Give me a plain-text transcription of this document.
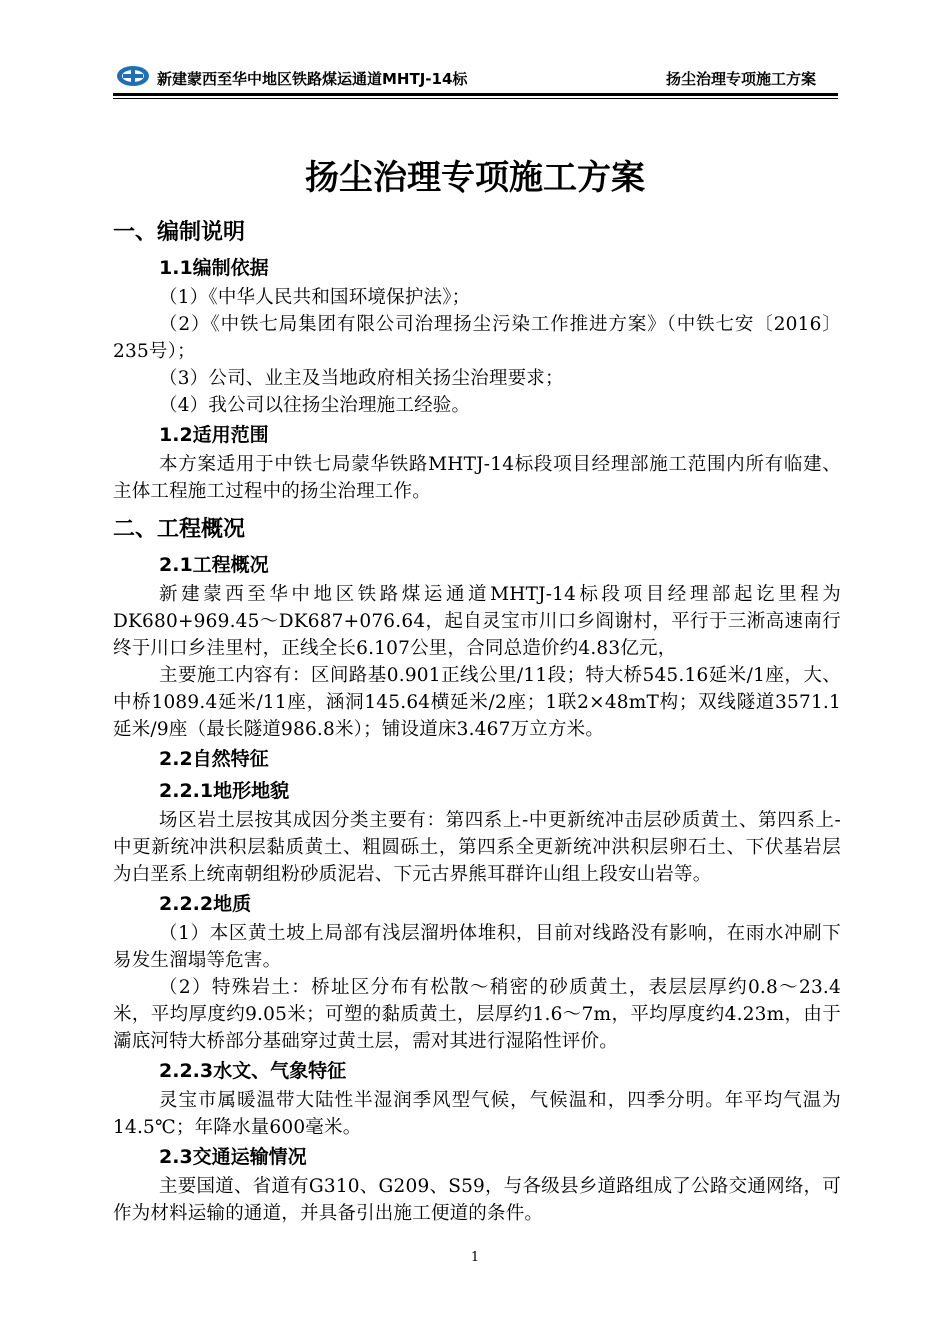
新建蒙西至华中地区铁路煤运通道MHTJ-14标	扬尘治理专项施工方案
扬尘治理专项施工方案
一、编制说明
1.1编制依据

（1）《中华人民共和国环境保护法》；

（2）《中铁七局集团有限公司治理扬尘污染工作推进方案》（中铁七安〔2016〕235号）；

（3）公司、业主及当地政府相关扬尘治理要求；

（4）我公司以往扬尘治理施工经验。

1.2适用范围

本方案适用于中铁七局蒙华铁路MHTJ-14标段项目经理部施工范围内所有临建、主体工程施工过程中的扬尘治理工作。

二、工程概况
2.1工程概况

新建蒙西至华中地区铁路煤运通道MHTJ-14标段项目经理部起讫里程为DK680+969.45～DK687+076.64，起自灵宝市川口乡阎谢村，平行于三淅高速南行终于川口乡洼里村，正线全长6.107公里，合同总造价约4.83亿元，

主要施工内容有：区间路基0.901正线公里/11段；特大桥545.16延米/1座，大、中桥1089.4延米/11座，涵洞145.64横延米/2座；1联2×48mT构；双线隧道3571.1延米/9座（最长隧道986.8米）；铺设道床3.467万立方米。

2.2自然特征
2.2.1地形地貌

场区岩土层按其成因分类主要有：第四系上-中更新统冲击层砂质黄土、第四系上-中更新统冲洪积层黏质黄土、粗圆砾土，第四系全更新统冲洪积层卵石土、下伏基岩层为白垩系上统南朝组粉砂质泥岩、下元古界熊耳群许山组上段安山岩等。

2.2.2地质

（1）本区黄土坡上局部有浅层溜坍体堆积，目前对线路没有影响，在雨水冲刷下易发生溜塌等危害。

（2）特殊岩土：桥址区分布有松散～稍密的砂质黄土，表层层厚约0.8～23.4米，平均厚度约9.05米；可塑的黏质黄土，层厚约1.6～7m，平均厚度约4.23m，由于灞底河特大桥部分基础穿过黄土层，需对其进行湿陷性评价。

2.2.3水文、气象特征

灵宝市属暖温带大陆性半湿润季风型气候，气候温和，四季分明。年平均气温为14.5℃；年降水量600毫米。

2.3交通运输情况

主要国道、省道有G310、G209、S59，与各级县乡道路组成了公路交通网络，可作为材料运输的通道，并具备引出施工便道的条件。

1
